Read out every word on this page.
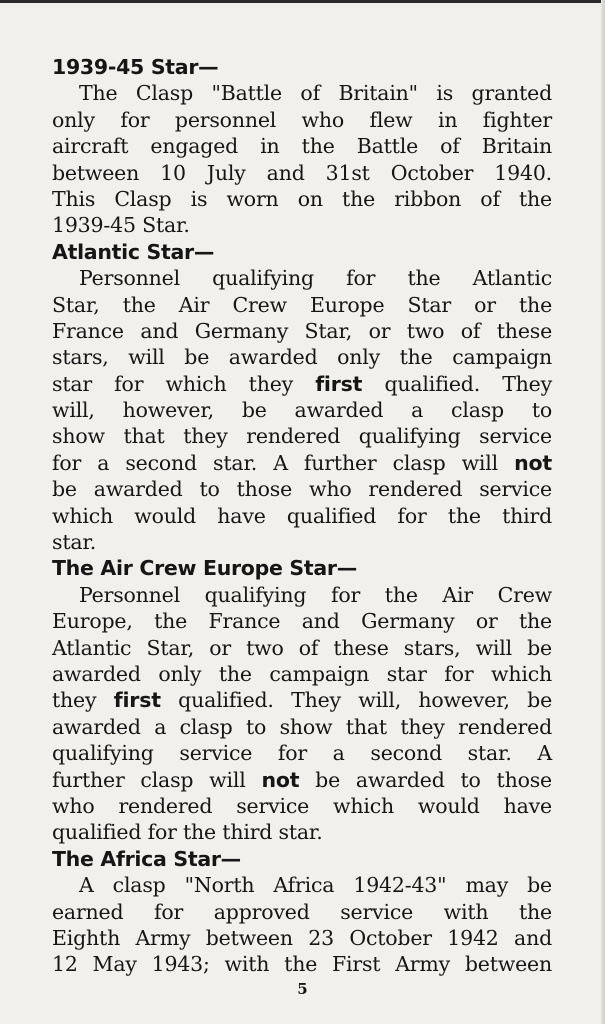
1939-45 Star—
The Clasp "Battle of Britain" is granted
only for personnel who flew in fighter
aircraft engaged in the Battle of Britain
between 10 July and 31st October 1940.
This Clasp is worn on the ribbon of the
1939-45 Star.
Atlantic Star—
Personnel qualifying for the Atlantic
Star, the Air Crew Europe Star or the
France and Germany Star, or two of these
stars, will be awarded only the campaign
star for which they first qualified. They
will, however, be awarded a clasp to
show that they rendered qualifying service
for a second star. A further clasp will not
be awarded to those who rendered service
which would have qualified for the third
star.
The Air Crew Europe Star—
Personnel qualifying for the Air Crew
Europe, the France and Germany or the
Atlantic Star, or two of these stars, will be
awarded only the campaign star for which
they first qualified. They will, however, be
awarded a clasp to show that they rendered
qualifying service for a second star. A
further clasp will not be awarded to those
who rendered service which would have
qualified for the third star.
The Africa Star—
A clasp "North Africa 1942-43" may be
earned for approved service with the
Eighth Army between 23 October 1942 and
12 May 1943; with the First Army between
5
